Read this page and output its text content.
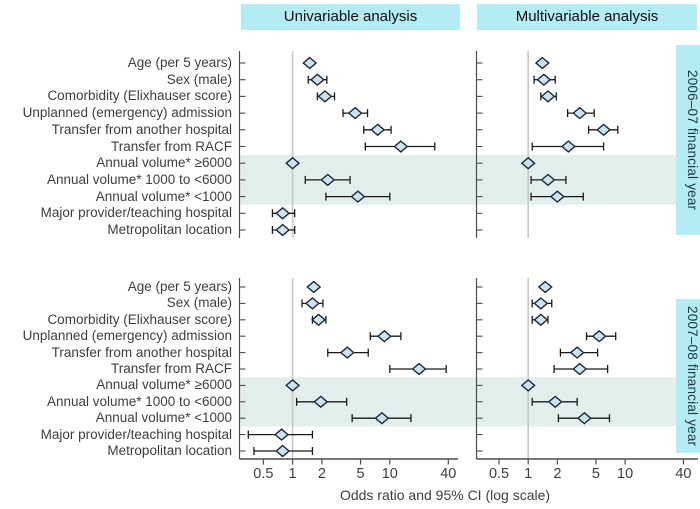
Univariable analysis	Multivariable analysis
2006–07 financial year
2007–08 financial year
0.5 1 2 5 10	40 0.5 1 2 5 10	40
Age (per 5 years)
Sex (male)
Comorbidity (Elixhauser score)
Unplanned (emergency) admission
Transfer from another hospital
Transfer from RACF
Annual volume* ≥6000
Annual volume* 1000 to <6000
Annual volume* <1000
Major provider/teaching hospital
Metropolitan location
Age (per 5 years)
Sex (male)
Comorbidity (Elixhauser score)
Unplanned (emergency) admission
Transfer from another hospital
Transfer from RACF
Annual volume* ≥6000
Annual volume* 1000 to <6000
Annual volume* <1000
Major provider/teaching hospital
Metropolitan location
Odds ratio and 95% CI (log scale)
